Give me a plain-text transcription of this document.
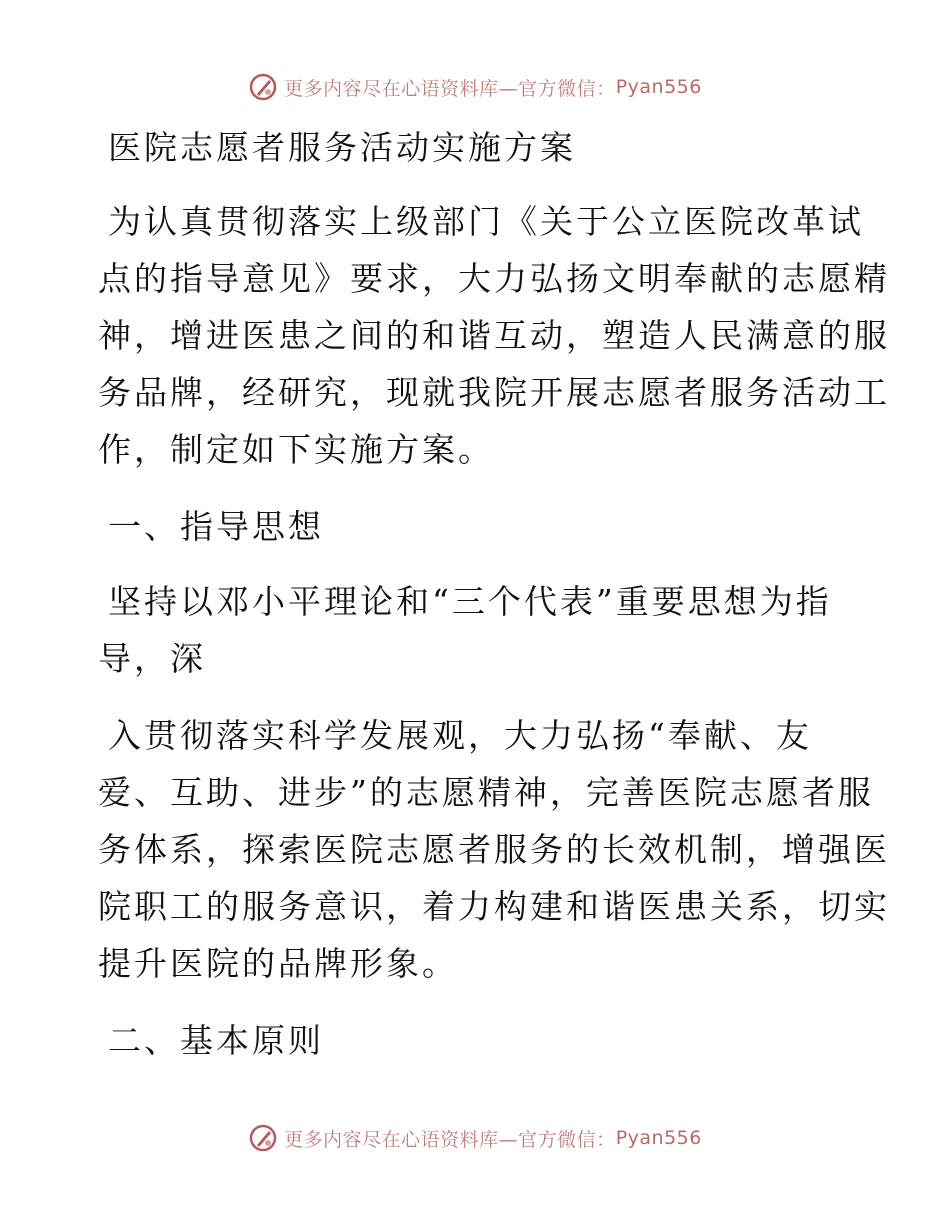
更多内容尽在心语资料库— 官方微信： Pyan556
医院志愿者服务活动实施方案
为认真贯彻落实上级部门《关于公立医院改革试
点的指导意见》要求，大力弘扬文明奉献的志愿精
神，增进医患之间的和谐互动，塑造人民满意的服
务品牌，经研究，现就我院开展志愿者服务活动工
作，制定如下实施方案。
一、指导思想
坚持以邓小平理论和“三个代表”重要思想为指
导，深
入贯彻落实科学发展观，大力弘扬“奉献、友
爱、互助、进步”的志愿精神，完善医院志愿者服
务体系，探索医院志愿者服务的长效机制，增强医
院职工的服务意识，着力构建和谐医患关系，切实
提升医院的品牌形象。
二、基本原则
更多内容尽在心语资料库— 官方微信： Pyan556
